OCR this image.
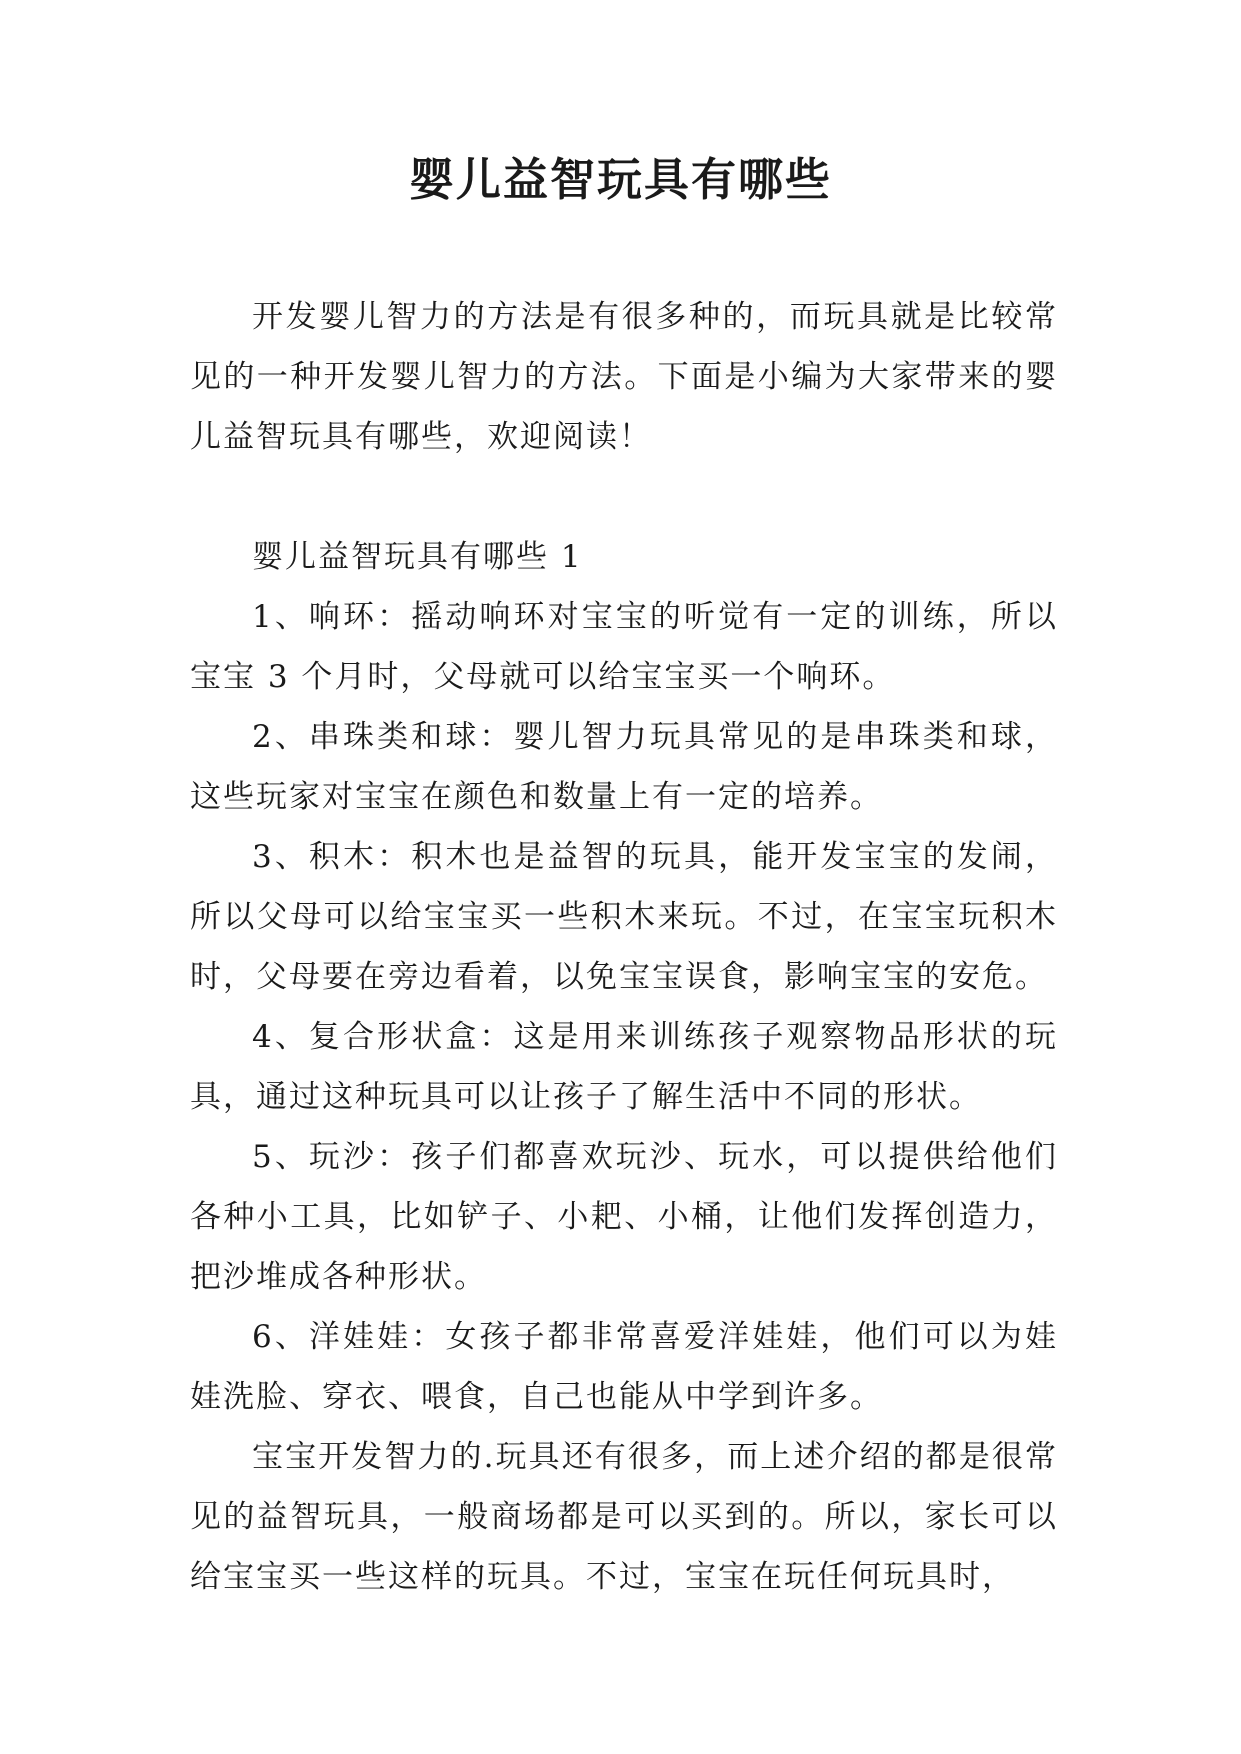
婴儿益智玩具有哪些

开发婴儿智力的方法是有很多种的，而玩具就是比较常见的一种开发婴儿智力的方法。下面是小编为大家带来的婴儿益智玩具有哪些，欢迎阅读！

婴儿益智玩具有哪些 1

1、响环：摇动响环对宝宝的听觉有一定的训练，所以宝宝 3 个月时，父母就可以给宝宝买一个响环。

2、串珠类和球：婴儿智力玩具常见的是串珠类和球，这些玩家对宝宝在颜色和数量上有一定的培养。

3、积木：积木也是益智的玩具，能开发宝宝的发闹，所以父母可以给宝宝买一些积木来玩。不过，在宝宝玩积木时，父母要在旁边看着，以免宝宝误食，影响宝宝的安危。

4、复合形状盒：这是用来训练孩子观察物品形状的玩具，通过这种玩具可以让孩子了解生活中不同的形状。

5、玩沙：孩子们都喜欢玩沙、玩水，可以提供给他们各种小工具，比如铲子、小耙、小桶，让他们发挥创造力，把沙堆成各种形状。

6、洋娃娃：女孩子都非常喜爱洋娃娃，他们可以为娃娃洗脸、穿衣、喂食，自己也能从中学到许多。

宝宝开发智力的.玩具还有很多，而上述介绍的都是很常见的益智玩具，一般商场都是可以买到的。所以，家长可以给宝宝买一些这样的玩具。不过，宝宝在玩任何玩具时，
